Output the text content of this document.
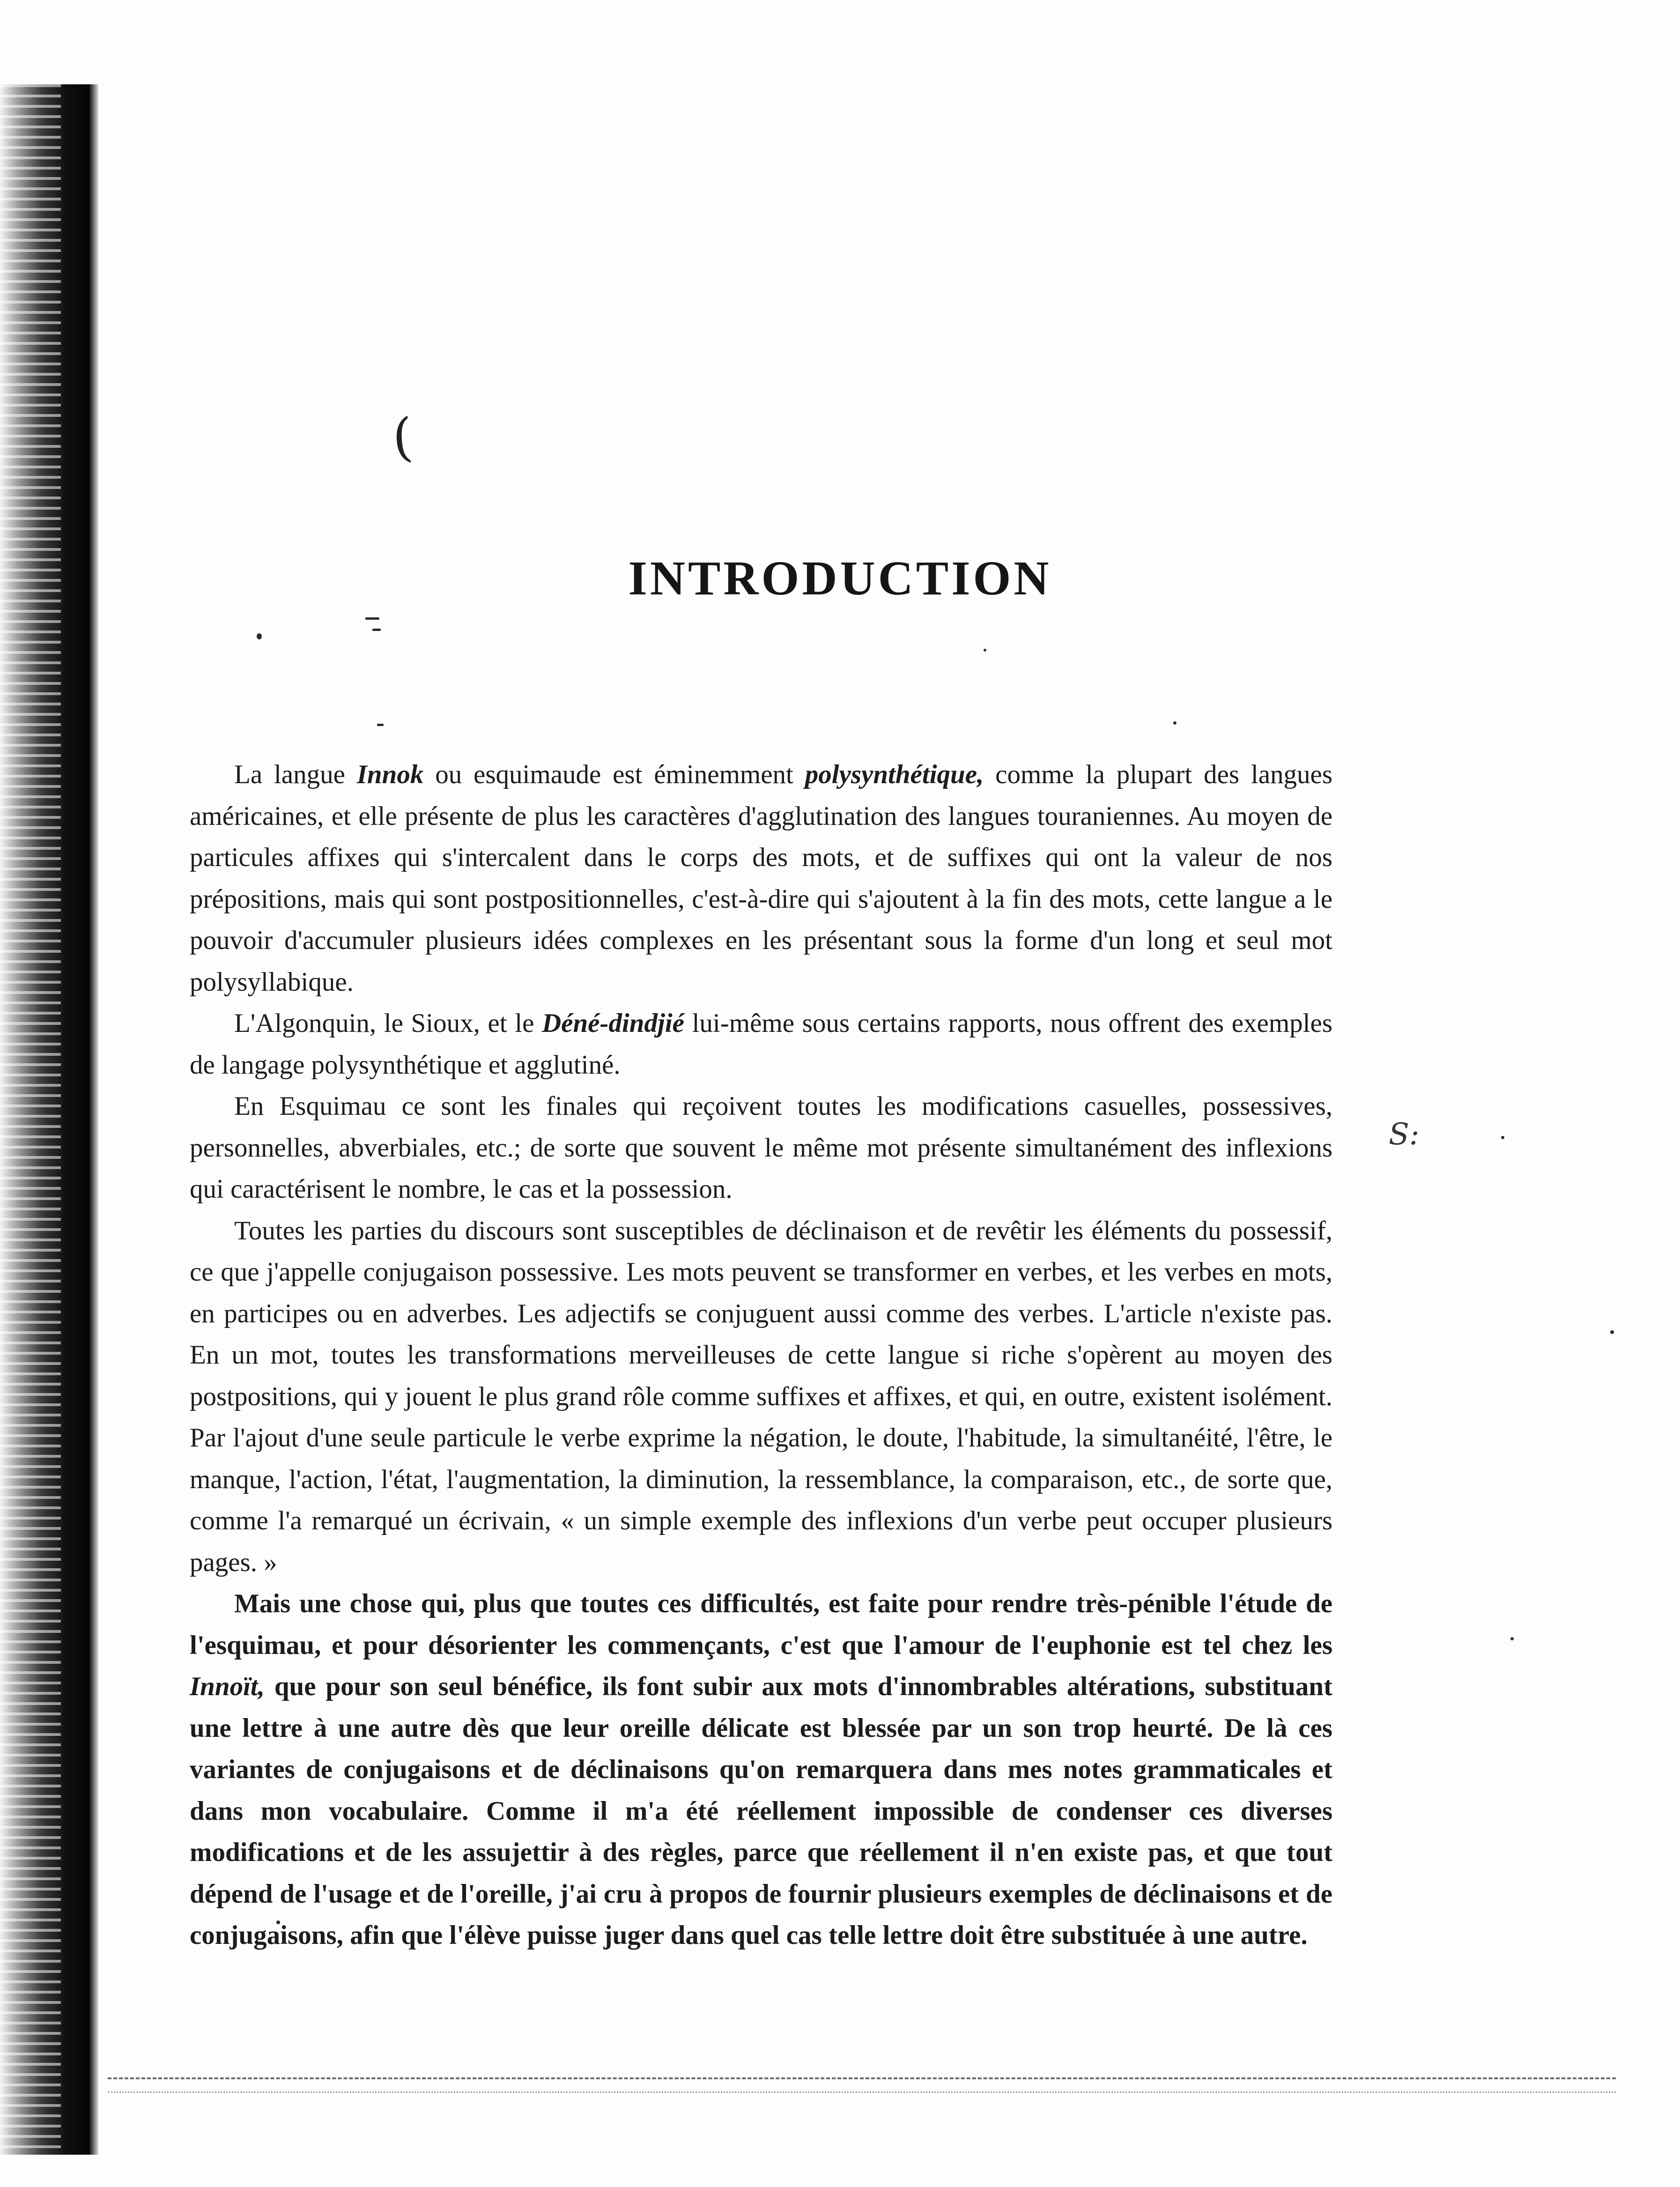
(
INTRODUCTION
S:

La langue Innok ou esquimaude est éminemment polysynthétique, comme la plupart des langues américaines, et elle présente de plus les caractères d'agglutination des langues touraniennes. Au moyen de particules affixes qui s'intercalent dans le corps des mots, et de suffixes qui ont la valeur de nos prépositions, mais qui sont postpositionnelles, c'est-à-dire qui s'ajoutent à la fin des mots, cette langue a le pouvoir d'accumuler plusieurs idées complexes en les présentant sous la forme d'un long et seul mot polysyllabique.

L'Algonquin, le Sioux, et le Déné-dindjié lui-même sous certains rapports, nous offrent des exemples de langage polysynthétique et agglutiné.

En Esquimau ce sont les finales qui reçoivent toutes les modifications casuelles, possessives, personnelles, abverbiales, etc.; de sorte que souvent le même mot présente simultanément des inflexions qui caractérisent le nombre, le cas et la possession.

Toutes les parties du discours sont susceptibles de déclinaison et de revêtir les éléments du possessif, ce que j'appelle conjugaison possessive. Les mots peuvent se transformer en verbes, et les verbes en mots, en participes ou en adverbes. Les adjectifs se conjuguent aussi comme des verbes. L'article n'existe pas. En un mot, toutes les transformations merveilleuses de cette langue si riche s'opèrent au moyen des postpositions, qui y jouent le plus grand rôle comme suffixes et affixes, et qui, en outre, existent isolément. Par l'ajout d'une seule particule le verbe exprime la négation, le doute, l'habitude, la simultanéité, l'être, le manque, l'action, l'état, l'augmentation, la diminution, la ressemblance, la comparaison, etc., de sorte que, comme l'a remarqué un écrivain, « un simple exemple des inflexions d'un verbe peut occuper plusieurs pages. »

Mais une chose qui, plus que toutes ces difficultés, est faite pour rendre très-pénible l'étude de l'esquimau, et pour désorienter les commençants, c'est que l'amour de l'euphonie est tel chez les Innoït, que pour son seul bénéfice, ils font subir aux mots d'innombrables altérations, substituant une lettre à une autre dès que leur oreille délicate est blessée par un son trop heurté. De là ces variantes de conjugaisons et de déclinaisons qu'on remarquera dans mes notes grammaticales et dans mon vocabulaire. Comme il m'a été réellement impossible de condenser ces diverses modifications et de les assujettir à des règles, parce que réellement il n'en existe pas, et que tout dépend de l'usage et de l'oreille, j'ai cru à propos de fournir plusieurs exemples de déclinaisons et de conjugaisons, afin que l'élève puisse juger dans quel cas telle lettre doit être substituée à une autre.
